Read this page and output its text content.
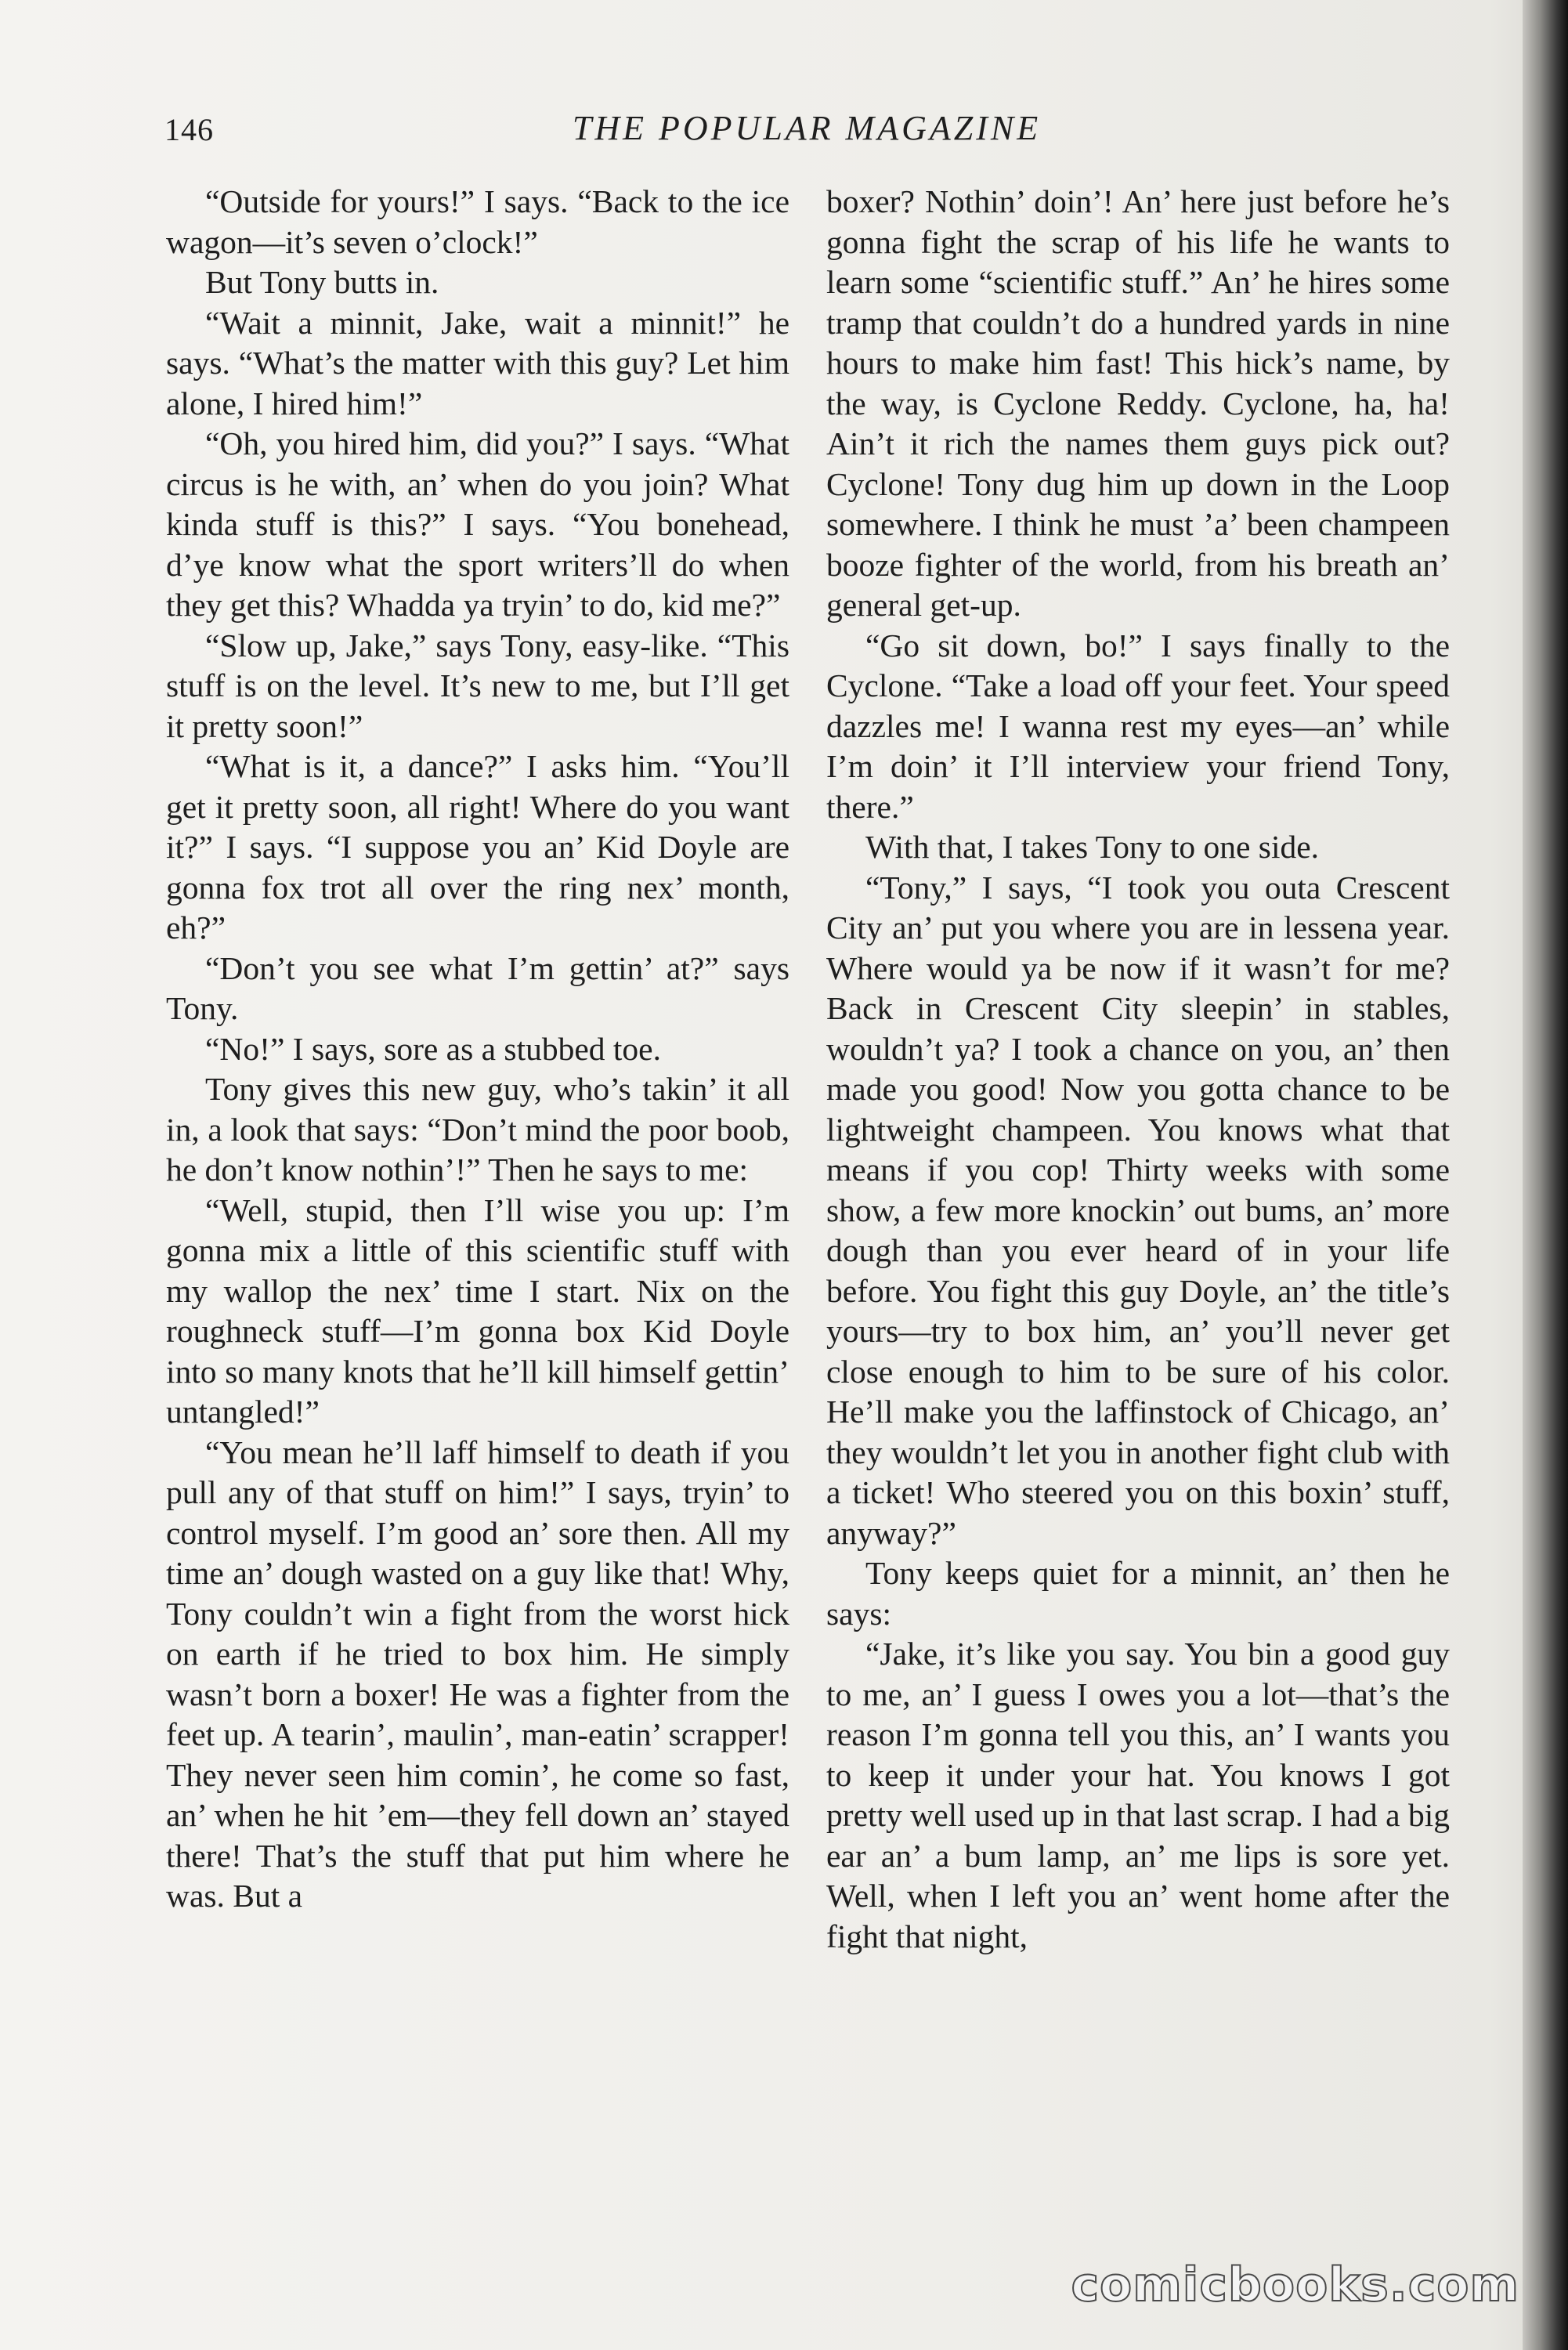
146	THE POPULAR MAGAZINE

“Outside for yours!” I says. “Back to the ice wagon—it’s seven o’clock!”

But Tony butts in.

“Wait a minnit, Jake, wait a minnit!” he says. “What’s the matter with this guy? Let him alone, I hired him!”

“Oh, you hired him, did you?” I says. “What circus is he with, an’ when do you join? What kinda stuff is this?” I says. “You bonehead, d’ye know what the sport writers’ll do when they get this? Whadda ya tryin’ to do, kid me?”

“Slow up, Jake,” says Tony, easy-like. “This stuff is on the level. It’s new to me, but I’ll get it pretty soon!”

“What is it, a dance?” I asks him. “You’ll get it pretty soon, all right! Where do you want it?” I says. “I suppose you an’ Kid Doyle are gonna fox trot all over the ring nex’ month, eh?”

“Don’t you see what I’m gettin’ at?” says Tony.

“No!” I says, sore as a stubbed toe.

Tony gives this new guy, who’s takin’ it all in, a look that says: “Don’t mind the poor boob, he don’t know nothin’!” Then he says to me:

“Well, stupid, then I’ll wise you up: I’m gonna mix a little of this scientific stuff with my wallop the nex’ time I start. Nix on the roughneck stuff—I’m gonna box Kid Doyle into so many knots that he’ll kill himself gettin’ untangled!”

“You mean he’ll laff himself to death if you pull any of that stuff on him!” I says, tryin’ to control myself. I’m good an’ sore then. All my time an’ dough wasted on a guy like that! Why, Tony couldn’t win a fight from the worst hick on earth if he tried to box him. He simply wasn’t born a boxer! He was a fighter from the feet up. A tearin’, maulin’, man-eatin’ scrapper! They never seen him comin’, he come so fast, an’ when he hit ’em—they fell down an’ stayed there! That’s the stuff that put him where he was. But a

boxer? Nothin’ doin’! An’ here just before he’s gonna fight the scrap of his life he wants to learn some “scientific stuff.” An’ he hires some tramp that couldn’t do a hundred yards in nine hours to make him fast! This hick’s name, by the way, is Cyclone Reddy. Cyclone, ha, ha! Ain’t it rich the names them guys pick out? Cyclone! Tony dug him up down in the Loop somewhere. I think he must ’a’ been champeen booze fighter of the world, from his breath an’ general get-up.

“Go sit down, bo!” I says finally to the Cyclone. “Take a load off your feet. Your speed dazzles me! I wanna rest my eyes—an’ while I’m doin’ it I’ll interview your friend Tony, there.”

With that, I takes Tony to one side.

“Tony,” I says, “I took you outa Crescent City an’ put you where you are in lessena year. Where would ya be now if it wasn’t for me? Back in Crescent City sleepin’ in stables, wouldn’t ya? I took a chance on you, an’ then made you good! Now you gotta chance to be lightweight champeen. You knows what that means if you cop! Thirty weeks with some show, a few more knockin’ out bums, an’ more dough than you ever heard of in your life before. You fight this guy Doyle, an’ the title’s yours—try to box him, an’ you’ll never get close enough to him to be sure of his color. He’ll make you the laffinstock of Chicago, an’ they wouldn’t let you in another fight club with a ticket! Who steered you on this boxin’ stuff, anyway?”

Tony keeps quiet for a minnit, an’ then he says:

“Jake, it’s like you say. You bin a good guy to me, an’ I guess I owes you a lot—that’s the reason I’m gonna tell you this, an’ I wants you to keep it under your hat. You knows I got pretty well used up in that last scrap. I had a big ear an’ a bum lamp, an’ me lips is sore yet. Well, when I left you an’ went home after the fight that night,

comicbooks.com
